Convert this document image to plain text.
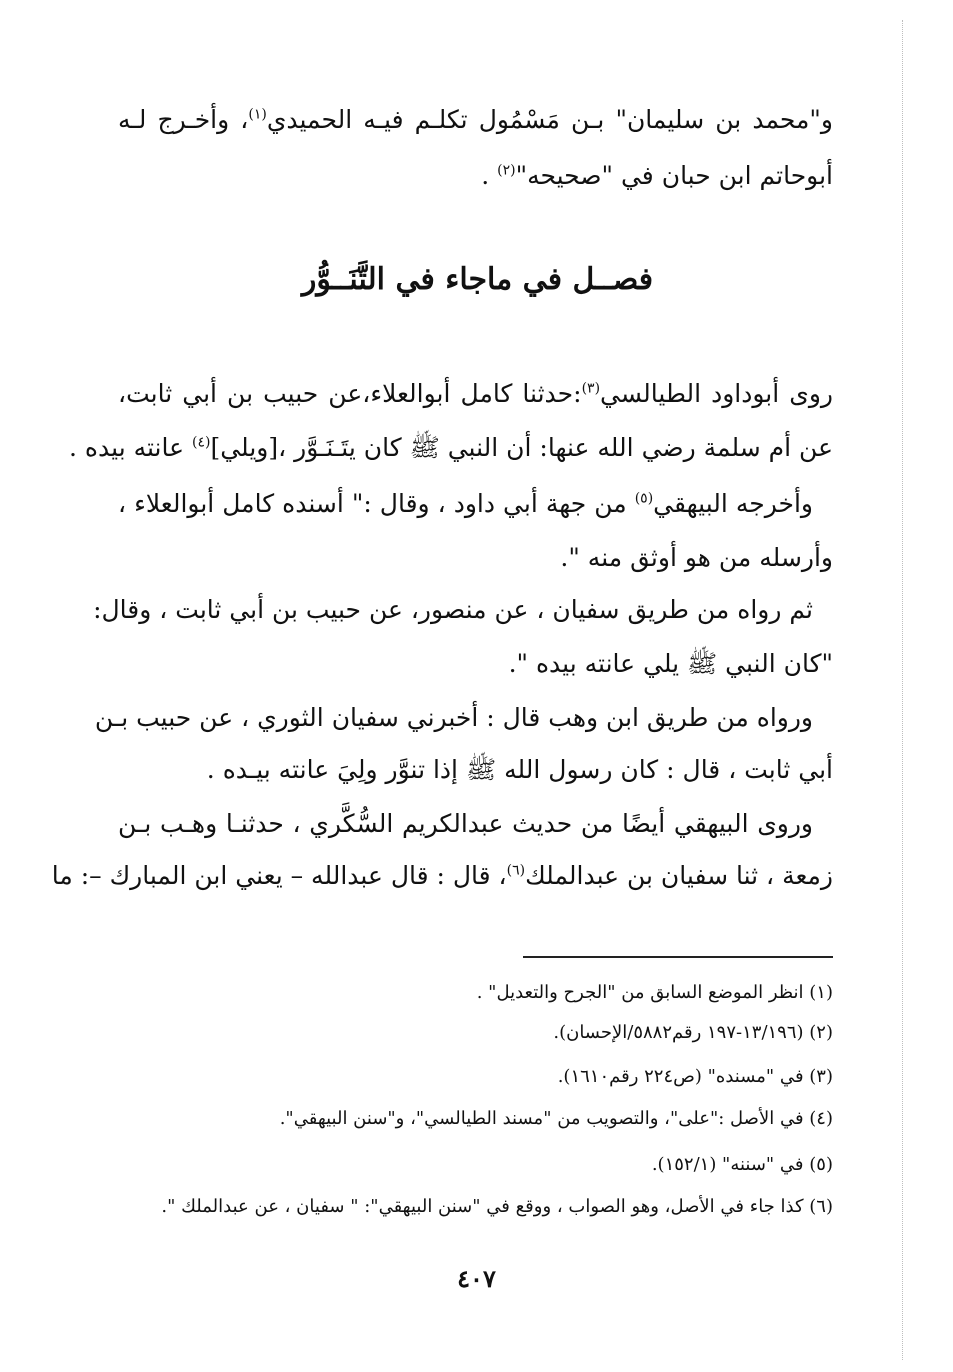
و"محمد بن سليمان" بـن مَسْمُول تكلـم فيـه الحميدي$^{(١)}$، وأخـرج لـه
أبوحاتم ابن حبان في "صحيحه"$^{(٢)}$ .
فصــل في ماجاء في التَّنَــوُّر
روى أبوداود الطيالسي$^{(٣)}$:حدثنا كامل أبوالعلاء،عن حبيب بن أبي ثابت،
عن أم سلمة رضي الله عنها: أن النبي ﷺ كان يتَـنَـوَّر ،[ويلي]$^{(٤)}$ عانته بيده .
وأخرجه البيهقي$^{(٥)}$ من جهة أبي داود ، وقال :" أسنده كامل أبوالعلاء ،
وأرسله من هو أوثق منه ".
ثم رواه من طريق سفيان ، عن منصور، عن حبيب بن أبي ثابت ، وقال:
"كان النبي ﷺ يلي عانته بيده ".
ورواه من طريق ابن وهب قال : أخبرني سفيان الثوري ، عن حبيب بـن
أبي ثابت ، قال : كان رسول الله ﷺ إذا تنوَّر ولِيَ عانته بيـده .
وروى البيهقي أيضًا من حديث عبدالكريم السُّكَّري ، حدثنـا وهـب بـن
زمعة ، ثنا سفيان بن عبدالملك$^{(٦)}$، قال : قال عبدالله – يعني ابن المبارك –: ما
(١) انظر الموضع السابق من "الجرح والتعديل" .
(٢) (١٣/١٩٦-١٩٧ رقم٥٨٨٢/الإحسان).
(٣) في "مسنده" (ص٢٢٤ رقم١٦١٠).
(٤) في الأصل :"على"، والتصويب من "مسند الطيالسي"، و"سنن البيهقي".
(٥) في "سننه" (١٥٢/١).
(٦) كذا جاء في الأصل، وهو الصواب ، ووقع في "سنن البيهقي": " سفيان ، عن عبدالملك ".
٤٠٧
